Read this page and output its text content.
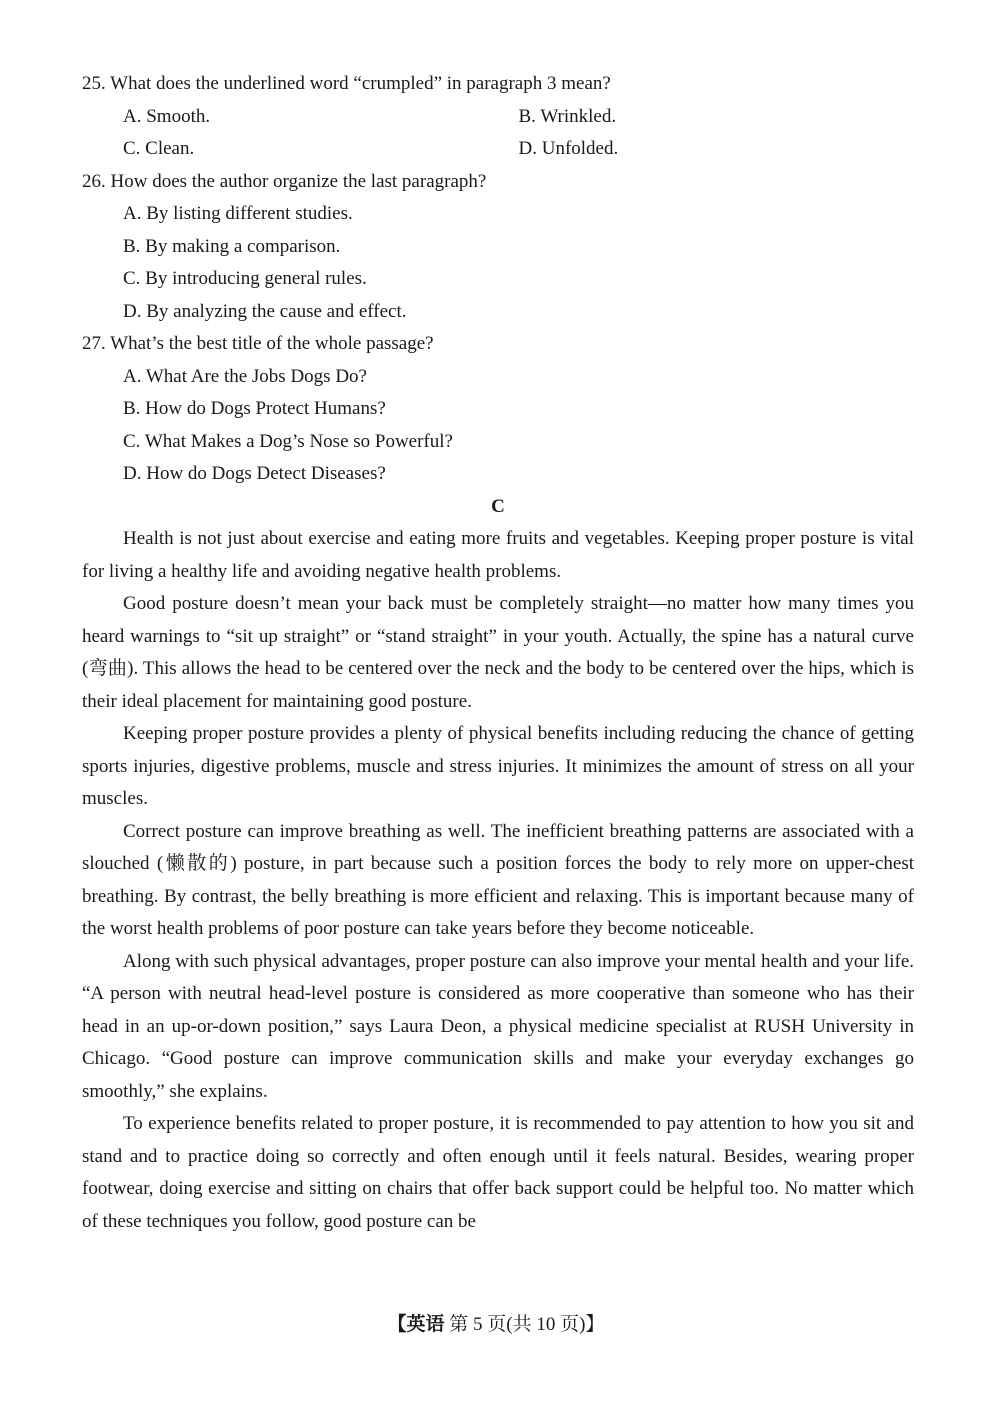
25. What does the underlined word “crumpled” in paragraph 3 mean?
A. Smooth.	B. Wrinkled.
C. Clean.	D. Unfolded.
26. How does the author organize the last paragraph?
A. By listing different studies.
B. By making a comparison.
C. By introducing general rules.
D. By analyzing the cause and effect.
27. What’s the best title of the whole passage?
A. What Are the Jobs Dogs Do?
B. How do Dogs Protect Humans?
C. What Makes a Dog’s Nose so Powerful?
D. How do Dogs Detect Diseases?
C

Health is not just about exercise and eating more fruits and vegetables. Keeping proper posture is vital for living a healthy life and avoiding negative health problems.

Good posture doesn’t mean your back must be completely straight—no matter how many times you heard warnings to “sit up straight” or “stand straight” in your youth. Actually, the spine has a natural curve (弯曲). This allows the head to be centered over the neck and the body to be centered over the hips, which is their ideal placement for maintaining good posture.

Keeping proper posture provides a plenty of physical benefits including reducing the chance of getting sports injuries, digestive problems, muscle and stress injuries. It minimizes the amount of stress on all your muscles.

Correct posture can improve breathing as well. The inefficient breathing patterns are associated with a slouched (懒散的) posture, in part because such a position forces the body to rely more on upper-chest breathing. By contrast, the belly breathing is more efficient and relaxing. This is important because many of the worst health problems of poor posture can take years before they become noticeable.

Along with such physical advantages, proper posture can also improve your mental health and your life. “A person with neutral head-level posture is considered as more cooperative than someone who has their head in an up-or-down position,” says Laura Deon, a physical medicine specialist at RUSH University in Chicago. “Good posture can improve communication skills and make your everyday exchanges go smoothly,” she explains.

To experience benefits related to proper posture, it is recommended to pay attention to how you sit and stand and to practice doing so correctly and often enough until it feels natural. Besides, wearing proper footwear, doing exercise and sitting on chairs that offer back support could be helpful too. No matter which of these techniques you follow, good posture can be

【英语 第 5 页(共 10 页)】
